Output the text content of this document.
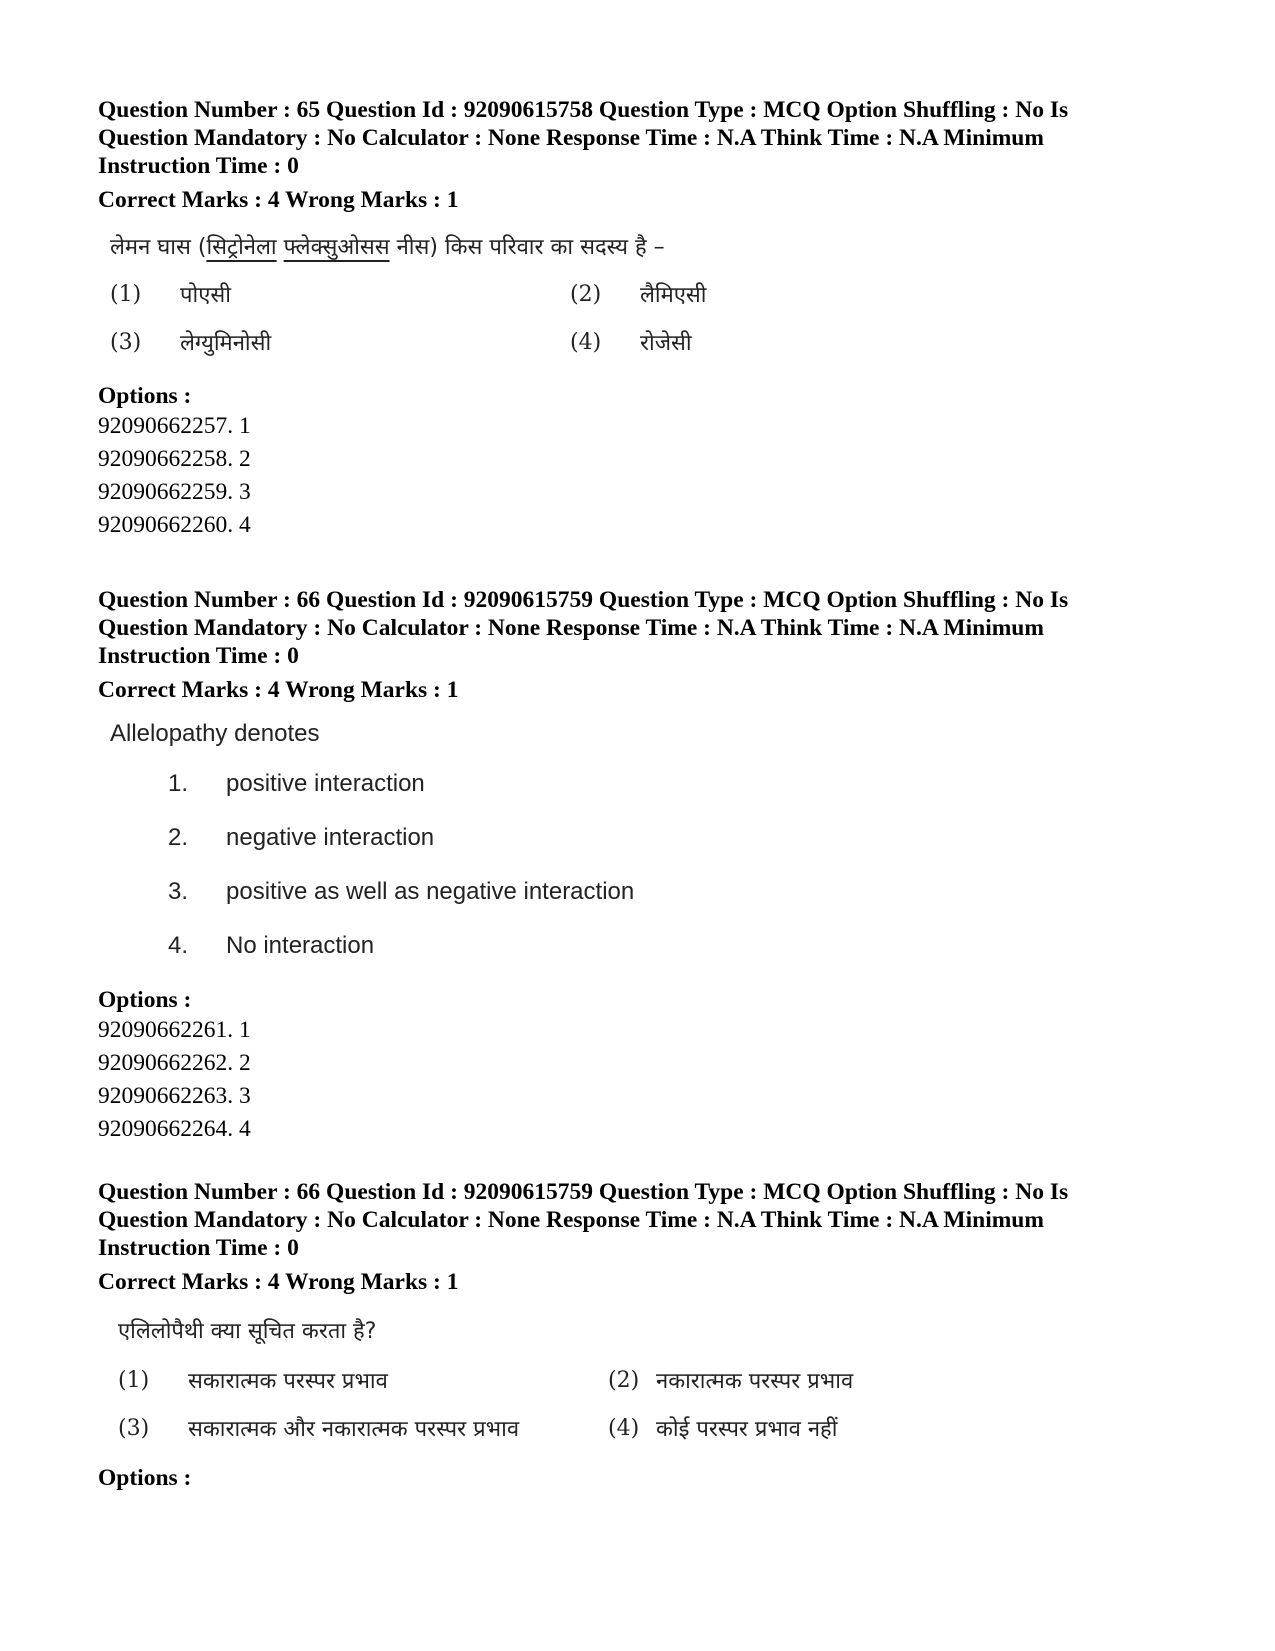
Question Number : 65 Question Id : 92090615758 Question Type : MCQ Option Shuffling : No Is
Question Mandatory : No Calculator : None Response Time : N.A Think Time : N.A Minimum
Instruction Time : 0
Correct Marks : 4 Wrong Marks : 1
लेमन घास (सिट्रोनेला फ्लेक्सुओसस नीस) किस परिवार का सदस्य है –
(1)	पोएसी	(2)	लैमिएसी
(3)	लेग्युमिनोसी	(4)	रोजेसी
Options :
92090662257. 1
92090662258. 2
92090662259. 3
92090662260. 4
Question Number : 66 Question Id : 92090615759 Question Type : MCQ Option Shuffling : No Is
Question Mandatory : No Calculator : None Response Time : N.A Think Time : N.A Minimum
Instruction Time : 0
Correct Marks : 4 Wrong Marks : 1
Allelopathy denotes
1.	positive interaction
2.	negative interaction
3.	positive as well as negative interaction
4.	No interaction
Options :
92090662261. 1
92090662262. 2
92090662263. 3
92090662264. 4
Question Number : 66 Question Id : 92090615759 Question Type : MCQ Option Shuffling : No Is
Question Mandatory : No Calculator : None Response Time : N.A Think Time : N.A Minimum
Instruction Time : 0
Correct Marks : 4 Wrong Marks : 1
एलिलोपैथी क्या सूचित करता है?
(1)	सकारात्मक परस्पर प्रभाव	(2) नकारात्मक परस्पर प्रभाव
(3)	सकारात्मक और नकारात्मक परस्पर प्रभाव	(4) कोई परस्पर प्रभाव नहीं
Options :
